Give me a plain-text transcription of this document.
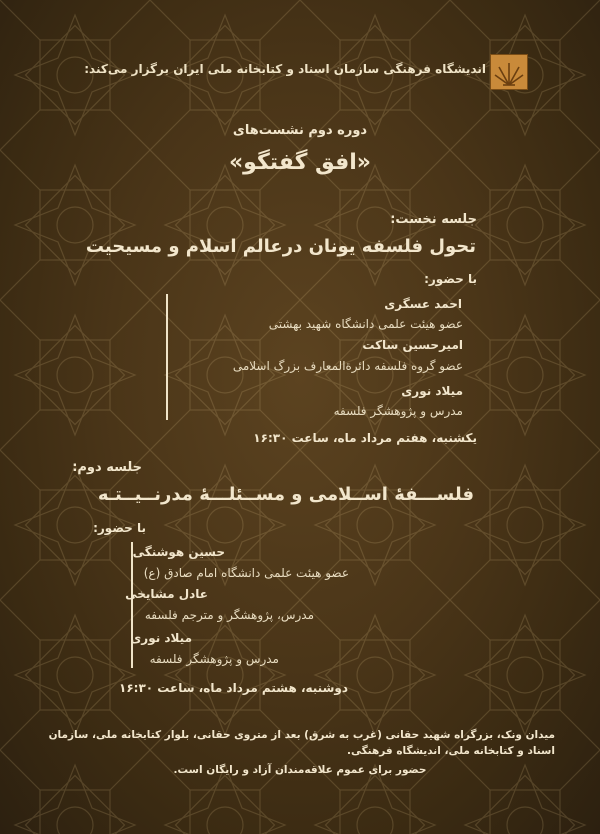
اندیشگاه فرهنگی سازمان اسناد و کتابخانه ملی ایران برگزار می‌کند:
دوره دوم نشست‌های
«افق گفتگو»
جلسه نخست:
تحول فلسفه یونان درعالم اسلام و مسیحیت
با حضور:
احمد عسگری
عضو هیئت علمی دانشگاه شهید بهشتی
امیرحسین ساکت
عضو گروه فلسفه دائرةالمعارف بزرگ اسلامی
میلاد نوری
مدرس و پژوهشگر فلسفه
یکشنبه، هفتم مرداد ماه، ساعت ۱۶:۳۰
جلسه دوم:
فلســـفۀ اســلامی و مســئلـــۀ مدرنــیــتـه
با حضور:
حسین هوشنگی
عضو هیئت علمی دانشگاه امام صادق (ع)
عادل مشایخی
مدرس، پژوهشگر و مترجم فلسفه
میلاد نوری
مدرس و پژوهشگر فلسفه
دوشنبه، هشتم مرداد ماه، ساعت ۱۶:۳۰
میدان ونک، بزرگراه شهید حقانی (غرب به شرق) بعد از متروی حقانی، بلوار کتابخانه ملی، سازمان اسناد و کتابخانه ملی، اندیشگاه فرهنگی.
حضور برای عموم علاقه‌مندان آزاد و رایگان است.
